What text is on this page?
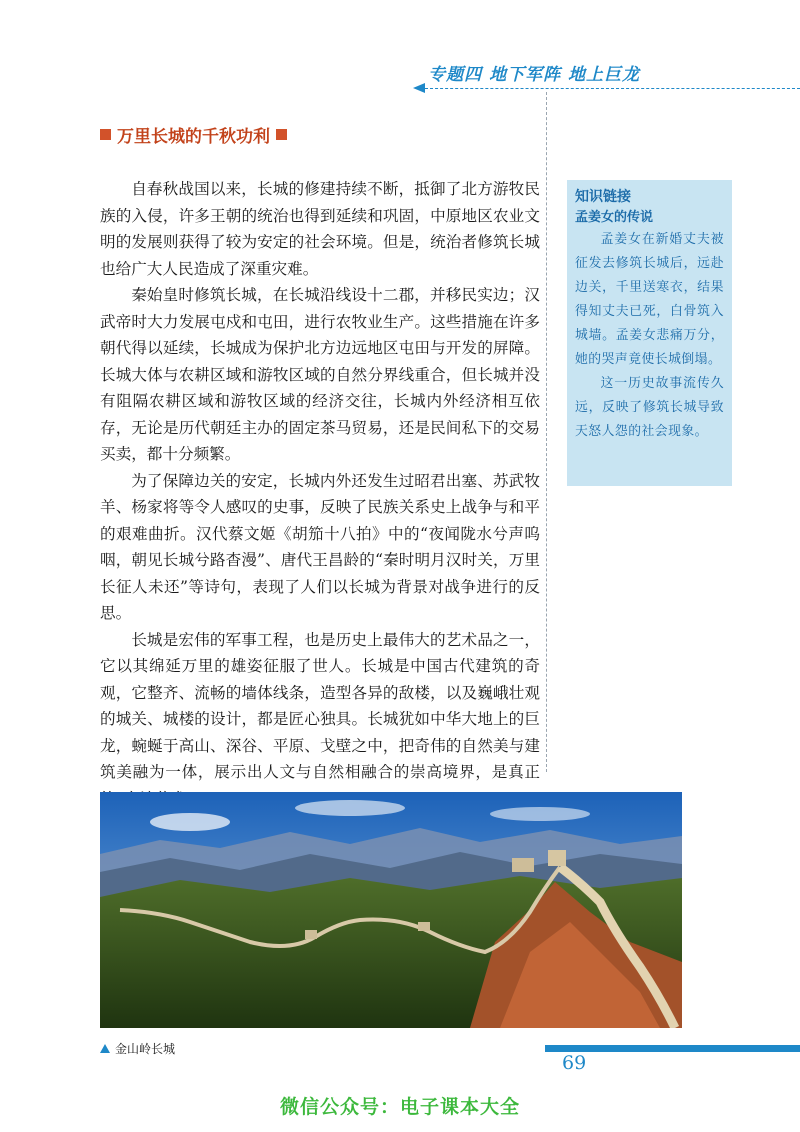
专题四 地下军阵 地上巨龙
万里长城的千秋功利

自春秋战国以来，长城的修建持续不断，抵御了北方游牧民族的入侵，许多王朝的统治也得到延续和巩固，中原地区农业文明的发展则获得了较为安定的社会环境。但是，统治者修筑长城也给广大人民造成了深重灾难。

秦始皇时修筑长城，在长城沿线设十二郡，并移民实边；汉武帝时大力发展屯戍和屯田，进行农牧业生产。这些措施在许多朝代得以延续，长城成为保护北方边远地区屯田与开发的屏障。长城大体与农耕区域和游牧区域的自然分界线重合，但长城并没有阻隔农耕区域和游牧区域的经济交往，长城内外经济相互依存，无论是历代朝廷主办的固定茶马贸易，还是民间私下的交易买卖，都十分频繁。

为了保障边关的安定，长城内外还发生过昭君出塞、苏武牧羊、杨家将等令人感叹的史事，反映了民族关系史上战争与和平的艰难曲折。汉代蔡文姬《胡笳十八拍》中的“夜闻陇水兮声呜咽，朝见长城兮路杳漫”、唐代王昌龄的“秦时明月汉时关，万里长征人未还”等诗句，表现了人们以长城为背景对战争进行的反思。

长城是宏伟的军事工程，也是历史上最伟大的艺术品之一，它以其绵延万里的雄姿征服了世人。长城是中国古代建筑的奇观，它整齐、流畅的墙体线条，造型各异的敌楼，以及巍峨壮观的城关、城楼的设计，都是匠心独具。长城犹如中华大地上的巨龙，蜿蜒于高山、深谷、平原、戈壁之中，把奇伟的自然美与建筑美融为一体，展示出人文与自然相融合的崇高境界，是真正

知识链接
孟姜女的传说

孟姜女在新婚丈夫被征发去修筑长城后，远赴边关，千里送寒衣，结果得知丈夫已死，白骨筑入城墙。孟姜女悲痛万分，她的哭声竟使长城倒塌。

这一历史故事流传久远，反映了修筑长城导致天怒人怨的社会现象。

金山岭长城
69
微信公众号：电子课本大全
